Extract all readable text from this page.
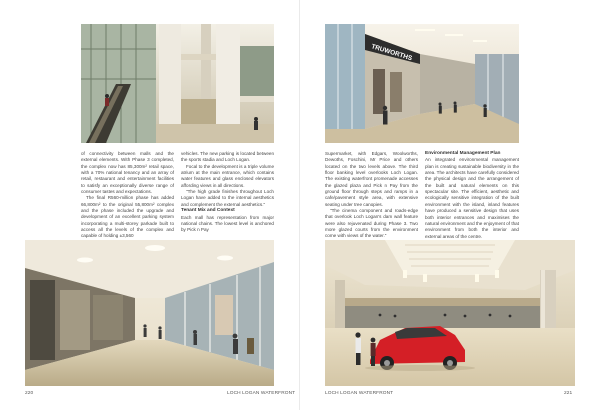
of connectivity between malls and the external elements. With Phase 3 completed, the complex now has 85,300m² retail space, with a 70% national tenancy and an array of retail, restaurant and entertainment facilities to satisfy an exceptionally diverse range of consumer tastes and expectations.

The final R560-million phase has added 66,800m² to the original 55,800m² complex and the phase included the upgrade and development of an excellent parking system incorporating a multi-storey parkade built to access all the levels of the complex and capable of holding ±3,560

vehicles. The new parking is located between the sports stadia and Loch Logan.

Focal to the development is a triple volume atrium at the main entrance, which contains water features and glass enclosed elevators affording views in all directions.

"The high grade finishes throughout Loch Logan have added to the internal aesthetics and complement the external aesthetics."

Tenant Mix and Context

Each mall has representation from major national chains. The lowest level is anchored by Pick n Pay

220	LOCH LOGAN WATERFRONT
TRUWORTHS

Supermarket, with Edgars, Woolworths, Dewoths, Foschini, Mr Price and others located on the two levels above. The third floor banking level overlooks Loch Logan. The existing waterfront promenade accesses the glazed plaza and Pick n Pay from the ground floor through steps and ramps in a cafe/pavement style area, with extensive seating under tree canopies.

"The cinema component and roads-edge that overlook Loch Logan's dam wall feature were also rejuvenated during Phase 3. Two more glazed courts from the environment come with views of the water."

Environmental Management Plan

An integrated environmental management plan is creating sustainable biodiversity in the area. The architects have carefully considered the physical design and the arrangement of the built and natural elements on this spectacular site. The efficient, aesthetic and ecologically sensitive integration of the built environment with the island, inland features have produced a sensitive design that uses both interior entrances and maximises the natural environment and the enjoyment of that environment from both the interior and external areas of the centre.

LOCH LOGAN WATERFRONT	221
